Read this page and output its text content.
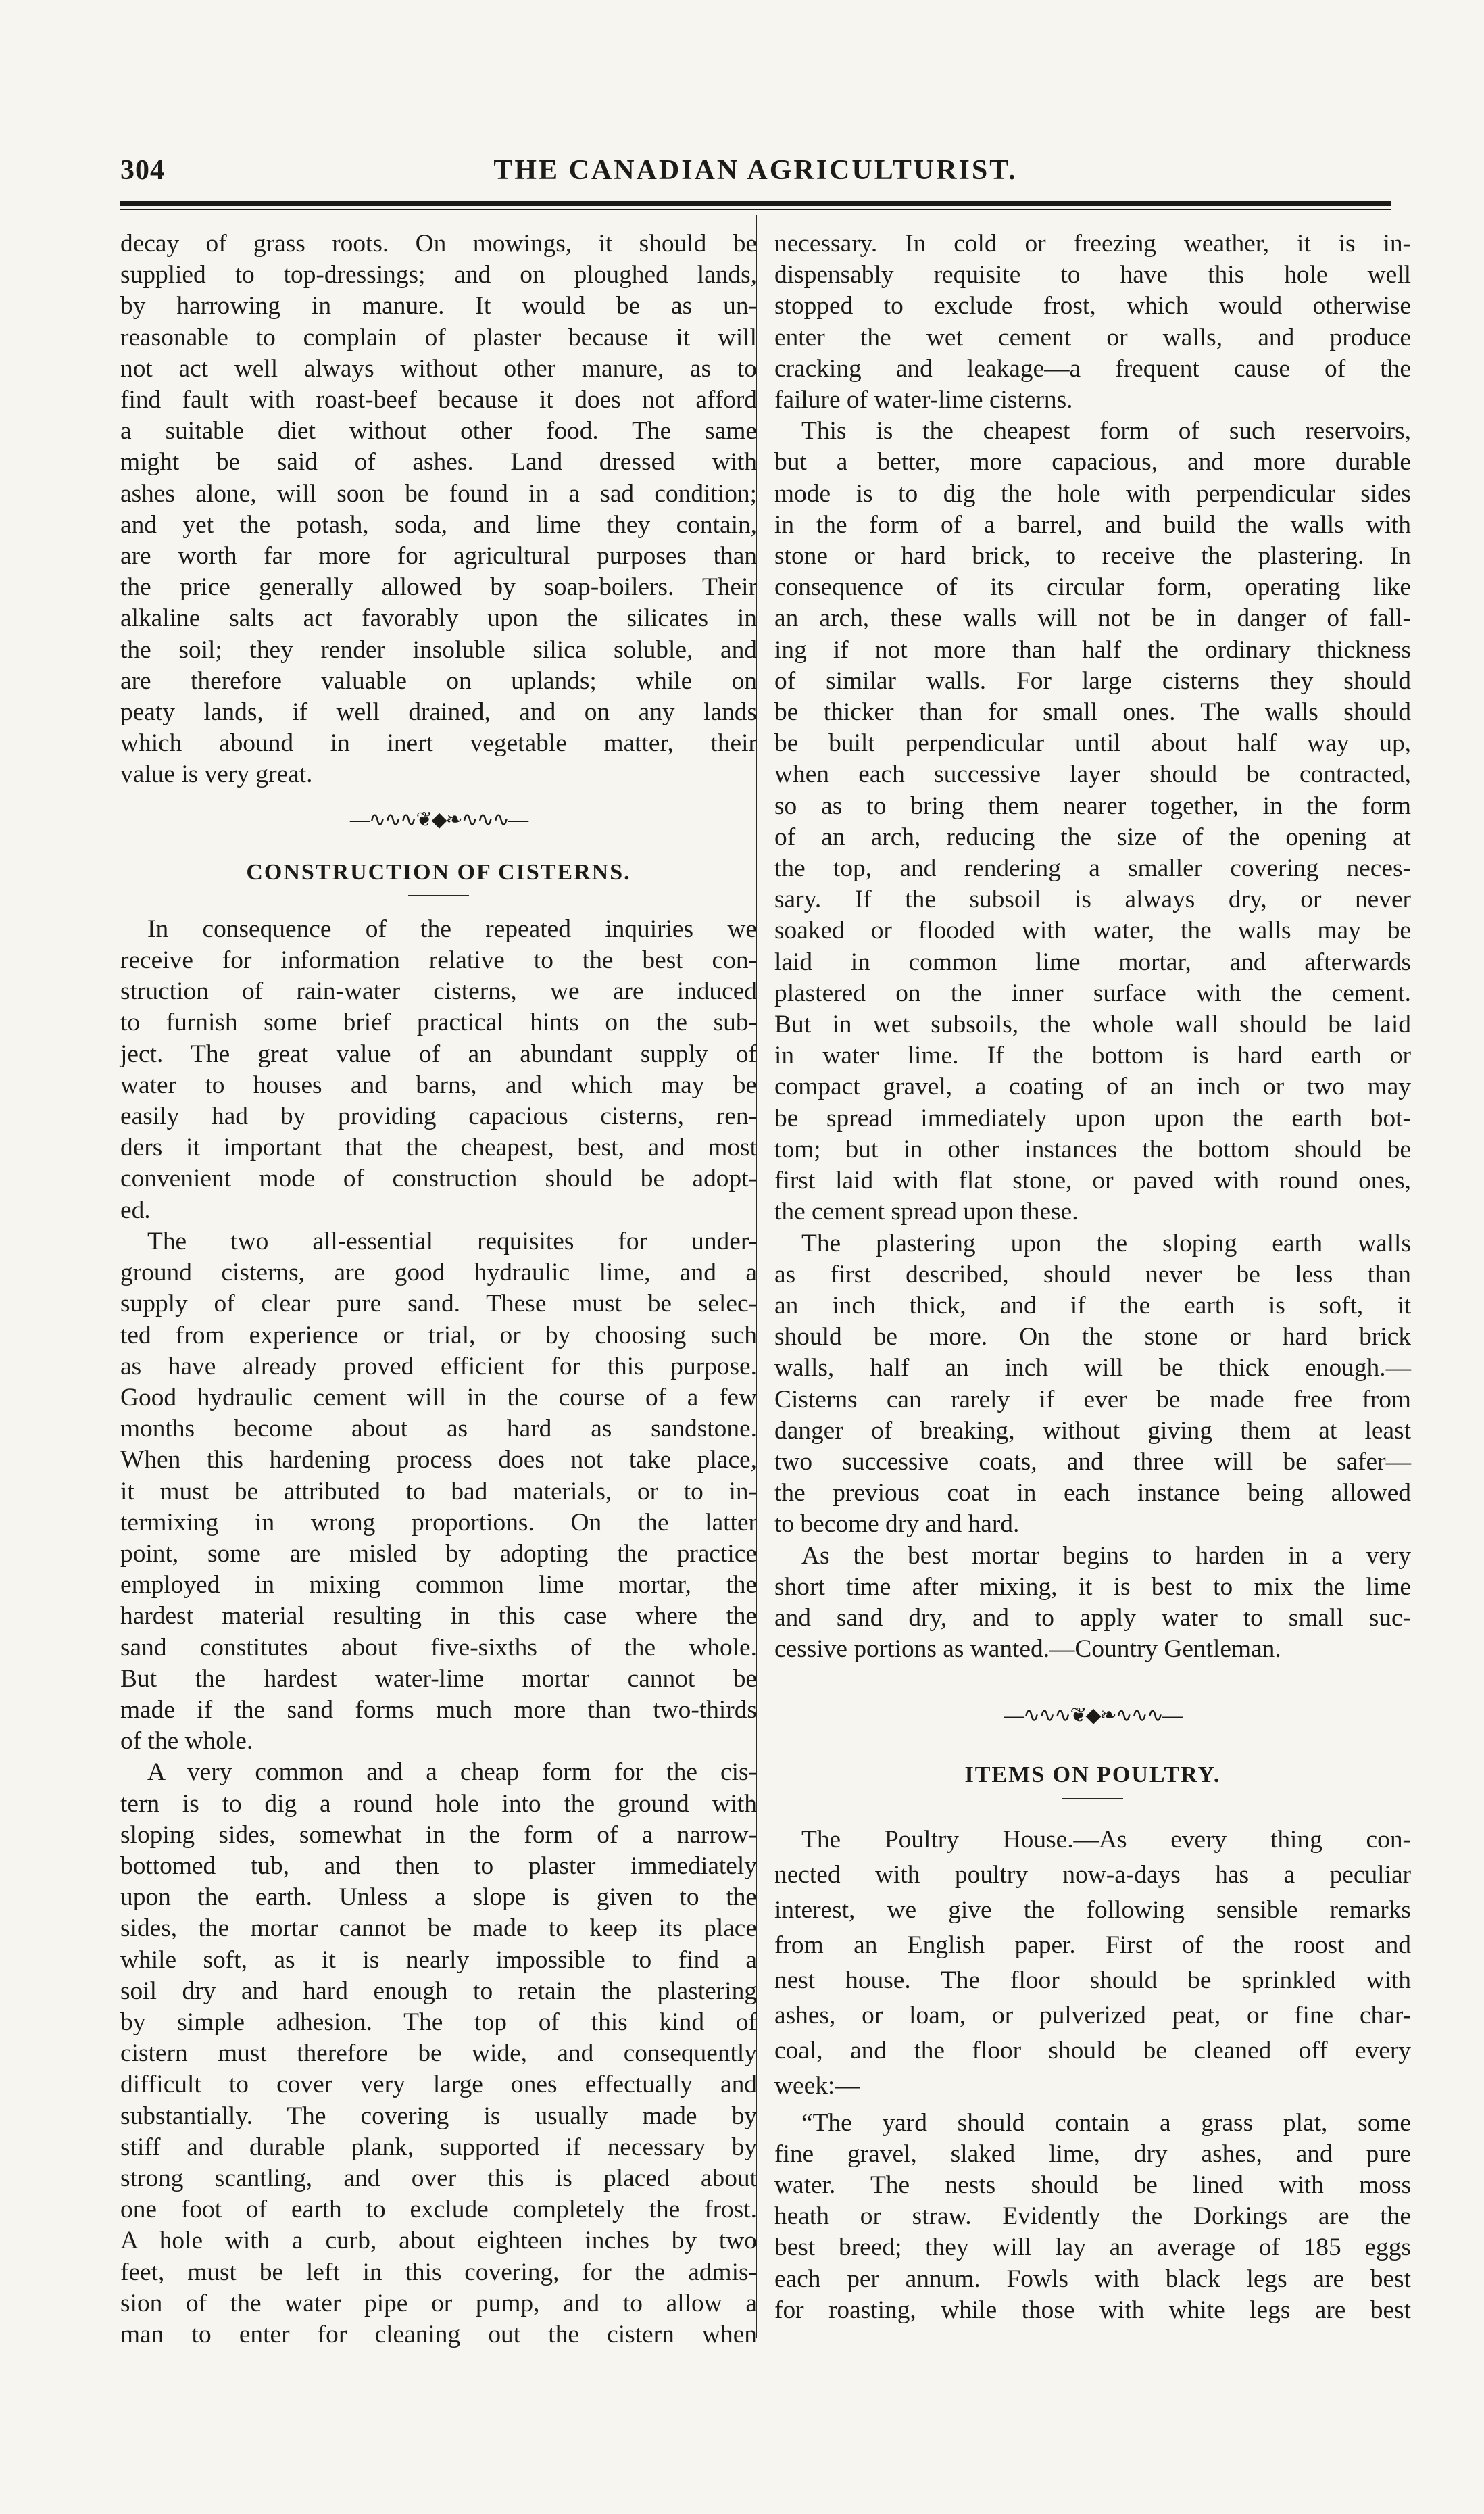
304	THE CANADIAN AGRICULTURIST.

decay of grass roots. On mowings, it should be

supplied to top-dressings; and on ploughed lands,

by harrowing in manure. It would be as un-

reasonable to complain of plaster because it will

not act well always without other manure, as to

find fault with roast-beef because it does not afford

a suitable diet without other food. The same

might be said of ashes. Land dressed with

ashes alone, will soon be found in a sad condition;

and yet the potash, soda, and lime they contain,

are worth far more for agricultural purposes than

the price generally allowed by soap-boilers. Their

alkaline salts act favorably upon the silicates in

the soil; they render insoluble silica soluble, and

are therefore valuable on uplands; while on

peaty lands, if well drained, and on any lands

which abound in inert vegetable matter, their

value is very great.

—∿∿∿❦◆❧∿∿∿—
CONSTRUCTION OF CISTERNS.

In consequence of the repeated inquiries we

receive for information relative to the best con-

struction of rain-water cisterns, we are induced

to furnish some brief practical hints on the sub-

ject. The great value of an abundant supply of

water to houses and barns, and which may be

easily had by providing capacious cisterns, ren-

ders it important that the cheapest, best, and most

convenient mode of construction should be adopt-

ed.

The two all-essential requisites for under-

ground cisterns, are good hydraulic lime, and a

supply of clear pure sand. These must be selec-

ted from experience or trial, or by choosing such

as have already proved efficient for this purpose.

Good hydraulic cement will in the course of a few

months become about as hard as sandstone.

When this hardening process does not take place,

it must be attributed to bad materials, or to in-

termixing in wrong proportions. On the latter

point, some are misled by adopting the practice

employed in mixing common lime mortar, the

hardest material resulting in this case where the

sand constitutes about five-sixths of the whole.

But the hardest water-lime mortar cannot be

made if the sand forms much more than two-thirds

of the whole.

A very common and a cheap form for the cis-

tern is to dig a round hole into the ground with

sloping sides, somewhat in the form of a narrow-

bottomed tub, and then to plaster immediately

upon the earth. Unless a slope is given to the

sides, the mortar cannot be made to keep its place

while soft, as it is nearly impossible to find a

soil dry and hard enough to retain the plastering

by simple adhesion. The top of this kind of

cistern must therefore be wide, and consequently

difficult to cover very large ones effectually and

substantially. The covering is usually made by

stiff and durable plank, supported if necessary by

strong scantling, and over this is placed about

one foot of earth to exclude completely the frost.

A hole with a curb, about eighteen inches by two

feet, must be left in this covering, for the admis-

sion of the water pipe or pump, and to allow a

man to enter for cleaning out the cistern when

necessary. In cold or freezing weather, it is in-

dispensably requisite to have this hole well

stopped to exclude frost, which would otherwise

enter the wet cement or walls, and produce

cracking and leakage—a frequent cause of the

failure of water-lime cisterns.

This is the cheapest form of such reservoirs,

but a better, more capacious, and more durable

mode is to dig the hole with perpendicular sides

in the form of a barrel, and build the walls with

stone or hard brick, to receive the plastering. In

consequence of its circular form, operating like

an arch, these walls will not be in danger of fall-

ing if not more than half the ordinary thickness

of similar walls. For large cisterns they should

be thicker than for small ones. The walls should

be built perpendicular until about half way up,

when each successive layer should be contracted,

so as to bring them nearer together, in the form

of an arch, reducing the size of the opening at

the top, and rendering a smaller covering neces-

sary. If the subsoil is always dry, or never

soaked or flooded with water, the walls may be

laid in common lime mortar, and afterwards

plastered on the inner surface with the cement.

But in wet subsoils, the whole wall should be laid

in water lime. If the bottom is hard earth or

compact gravel, a coating of an inch or two may

be spread immediately upon upon the earth bot-

tom; but in other instances the bottom should be

first laid with flat stone, or paved with round ones,

the cement spread upon these.

The plastering upon the sloping earth walls

as first described, should never be less than

an inch thick, and if the earth is soft, it

should be more. On the stone or hard brick

walls, half an inch will be thick enough.—

Cisterns can rarely if ever be made free from

danger of breaking, without giving them at least

two successive coats, and three will be safer—

the previous coat in each instance being allowed

to become dry and hard.

As the best mortar begins to harden in a very

short time after mixing, it is best to mix the lime

and sand dry, and to apply water to small suc-

cessive portions as wanted.—Country Gentleman.

—∿∿∿❦◆❧∿∿∿—
ITEMS ON POULTRY.

The Poultry House.—As every thing con-

nected with poultry now-a-days has a peculiar

interest, we give the following sensible remarks

from an English paper. First of the roost and

nest house. The floor should be sprinkled with

ashes, or loam, or pulverized peat, or fine char-

coal, and the floor should be cleaned off every

week:—

“The yard should contain a grass plat, some

fine gravel, slaked lime, dry ashes, and pure

water. The nests should be lined with moss

heath or straw. Evidently the Dorkings are the

best breed; they will lay an average of 185 eggs

each per annum. Fowls with black legs are best

for roasting, while those with white legs are best
